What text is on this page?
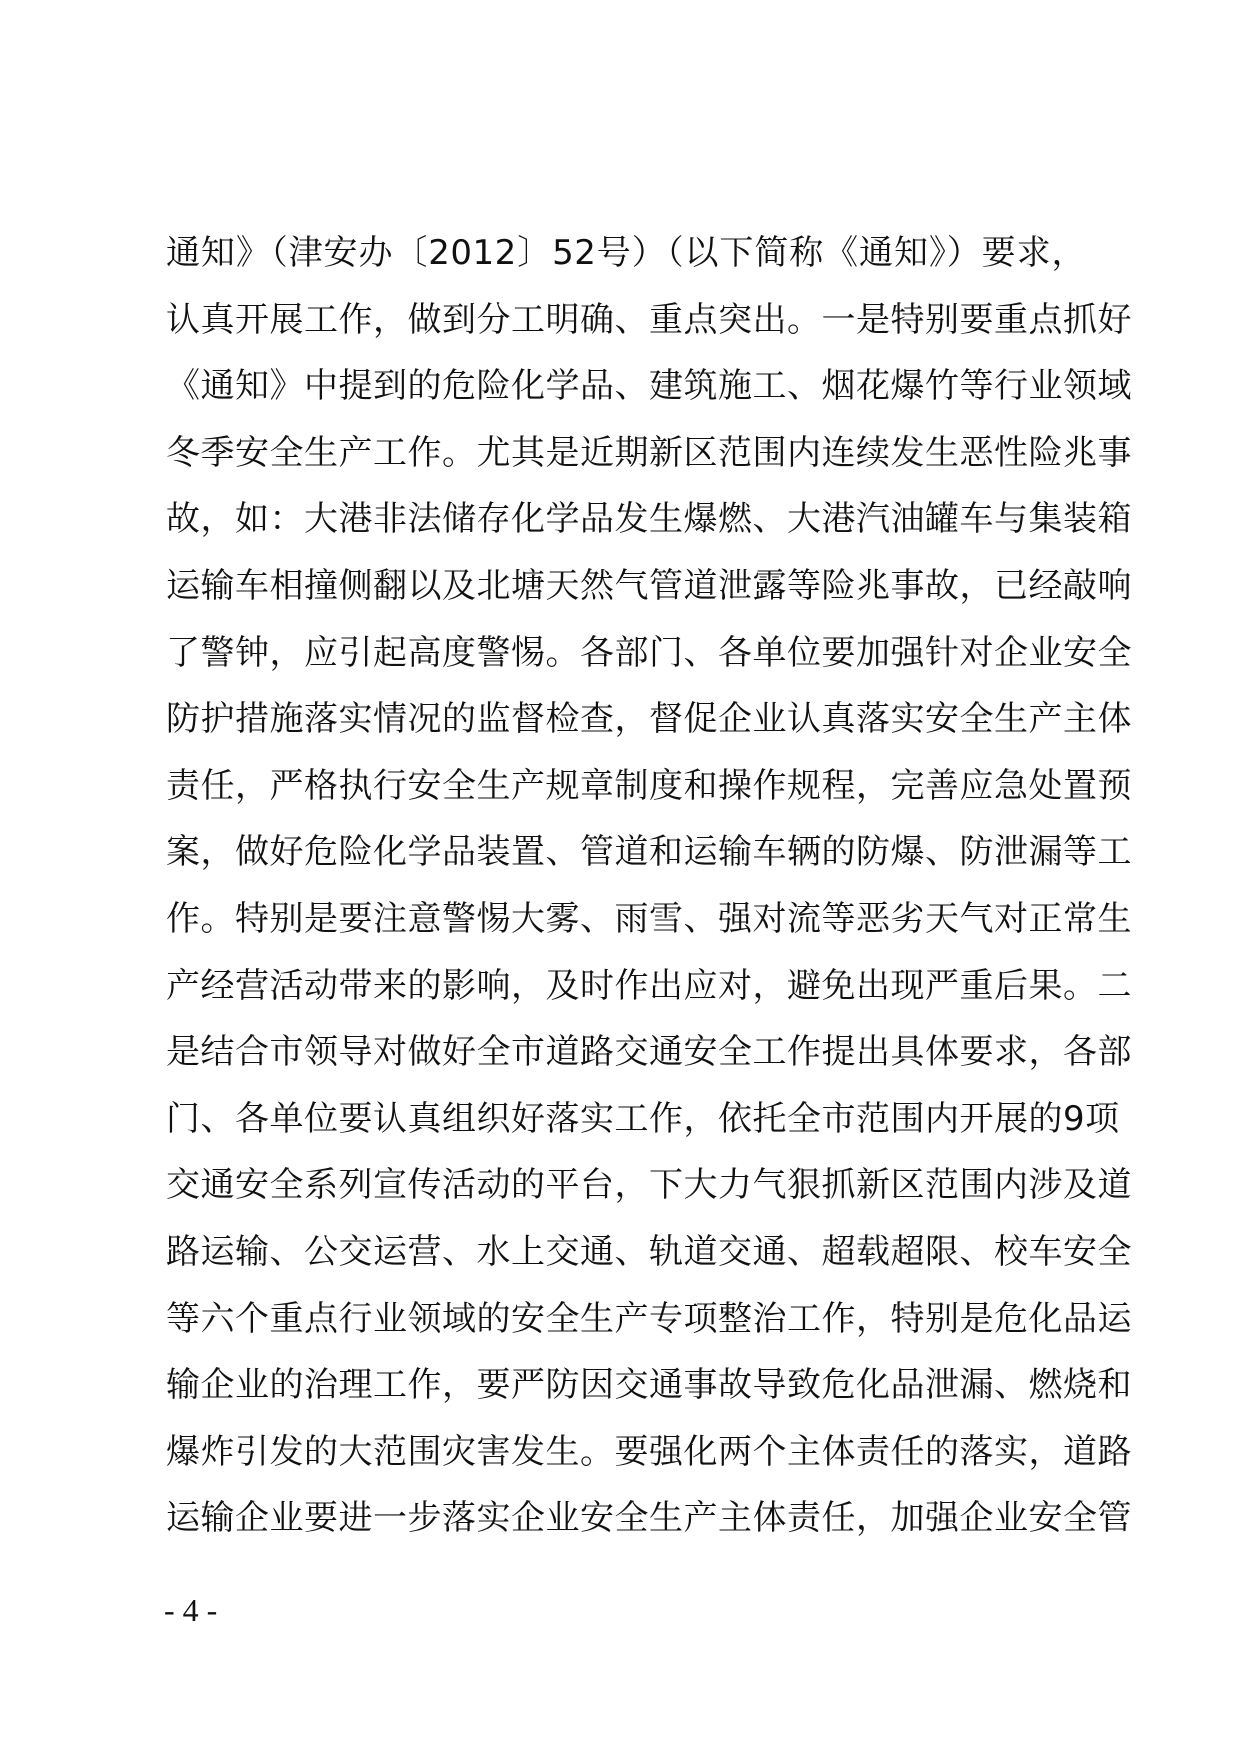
通知》（津安办〔2012〕52号）（以下简称《通知》）要求，
认真开展工作，做到分工明确、重点突出。一是特别要重点抓好
《通知》中提到的危险化学品、建筑施工、烟花爆竹等行业领域
冬季安全生产工作。尤其是近期新区范围内连续发生恶性险兆事
故，如：大港非法储存化学品发生爆燃、大港汽油罐车与集装箱
运输车相撞侧翻以及北塘天然气管道泄露等险兆事故，已经敲响
了警钟，应引起高度警惕。各部门、各单位要加强针对企业安全
防护措施落实情况的监督检查，督促企业认真落实安全生产主体
责任，严格执行安全生产规章制度和操作规程，完善应急处置预
案，做好危险化学品装置、管道和运输车辆的防爆、防泄漏等工
作。特别是要注意警惕大雾、雨雪、强对流等恶劣天气对正常生
产经营活动带来的影响，及时作出应对，避免出现严重后果。二
是结合市领导对做好全市道路交通安全工作提出具体要求，各部
门、各单位要认真组织好落实工作，依托全市范围内开展的9项
交通安全系列宣传活动的平台，下大力气狠抓新区范围内涉及道
路运输、公交运营、水上交通、轨道交通、超载超限、校车安全
等六个重点行业领域的安全生产专项整治工作，特别是危化品运
输企业的治理工作，要严防因交通事故导致危化品泄漏、燃烧和
爆炸引发的大范围灾害发生。要强化两个主体责任的落实，道路
运输企业要进一步落实企业安全生产主体责任，加强企业安全管
- 4 -
